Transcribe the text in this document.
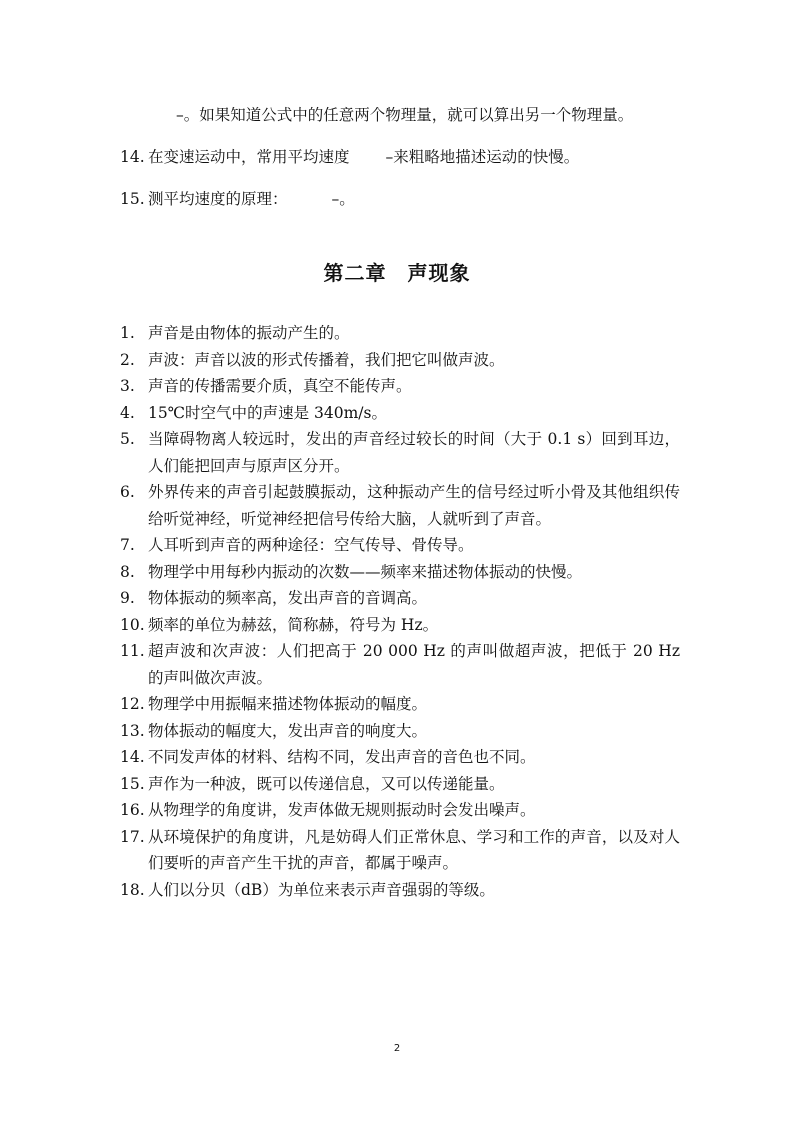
–。如果知道公式中的任意两个物理量，就可以算出另一个物理量。
14. 在变速运动中，常用平均速度 –来粗略地描述运动的快慢。
15. 测平均速度的原理：	–。
第二章　声现象
1. 声音是由物体的振动产生的。
2. 声波：声音以波的形式传播着，我们把它叫做声波。
3. 声音的传播需要介质，真空不能传声。
4. 15℃时空气中的声速是 340m/s。
5. 当障碍物离人较远时，发出的声音经过较长的时间（大于 0.1 s）回到耳边，人们能把回声与原声区分开。
6. 外界传来的声音引起鼓膜振动，这种振动产生的信号经过听小骨及其他组织传给听觉神经，听觉神经把信号传给大脑，人就听到了声音。
7. 人耳听到声音的两种途径：空气传导、骨传导。
8. 物理学中用每秒内振动的次数——频率来描述物体振动的快慢。
9. 物体振动的频率高，发出声音的音调高。
10. 频率的单位为赫兹，简称赫，符号为 Hz。
11. 超声波和次声波：人们把高于 20 000 Hz 的声叫做超声波，把低于 20 Hz 的声叫做次声波。
12. 物理学中用振幅来描述物体振动的幅度。
13. 物体振动的幅度大，发出声音的响度大。
14. 不同发声体的材料、结构不同，发出声音的音色也不同。
15. 声作为一种波，既可以传递信息，又可以传递能量。
16. 从物理学的角度讲，发声体做无规则振动时会发出噪声。
17. 从环境保护的角度讲，凡是妨碍人们正常休息、学习和工作的声音，以及对人们要听的声音产生干扰的声音，都属于噪声。
18. 人们以分贝（dB）为单位来表示声音强弱的等级。
2
